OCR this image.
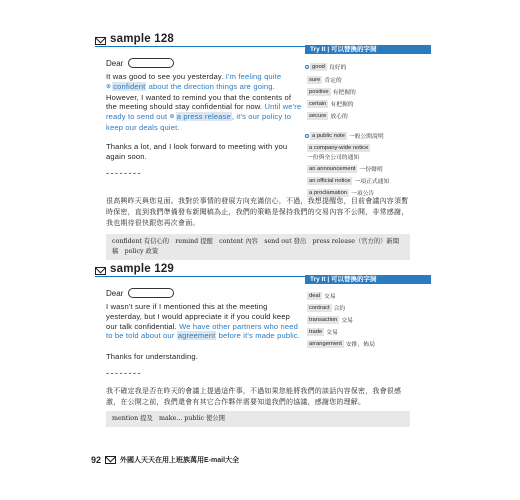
sample 128
Try It | 可以替換的字詞
Dear
It was good to see you yesterday. I'm feeling quite ⊕ confident about the direction things are going. However, I wanted to remind you that the contents of the meeting should stay confidential for now. Until we're ready to send out ⊕ a press release, it's our policy to keep our deals quiet.
Thanks a lot, and I look forward to meeting with you again soon.
--------
good 良好的
sure 肯定的
positive 有把握的
certain 有把握的
secure 放心的
a public note 一般公開說明
a company-wide notice
一份與全公司的通知
an announcement 一份聲明
an official notice 一項正式通知
a proclamation 一項公告
很高興昨天與您見面。我對於事情的發展方向充滿信心，不過，我想提醒您，目前會議內容須暫時保密，直到我們準備發布新聞稿為止，我們的策略是保持我們的交易內容不公開，非常感謝，我也期待很快跟您再次會面。
confident 有信心的　remind 提醒　content 內容　send out 發出　press release（官方的）新聞稿　policy 政策
sample 129
Try It | 可以替換的字詞
Dear
I wasn't sure if I mentioned this at the meeting yesterday, but I would appreciate it if you could keep our talk confidential. We have other partners who need to be told about our agreement before it's made public.
Thanks for understanding.
--------
deal 交易
contract 合約
transaction 交易
trade 交易
arrangement 安排，佈局
我不確定我是否在昨天的會議上提過這件事，不過如果您能將我們的談話內容保密，我會很感激，在公開之前，我們還會有其它合作夥伴需要知道我們的協議，感謝您的理解。
mention 提及　make... public 使公開
92	外國人天天在用上班族萬用E-mail大全
